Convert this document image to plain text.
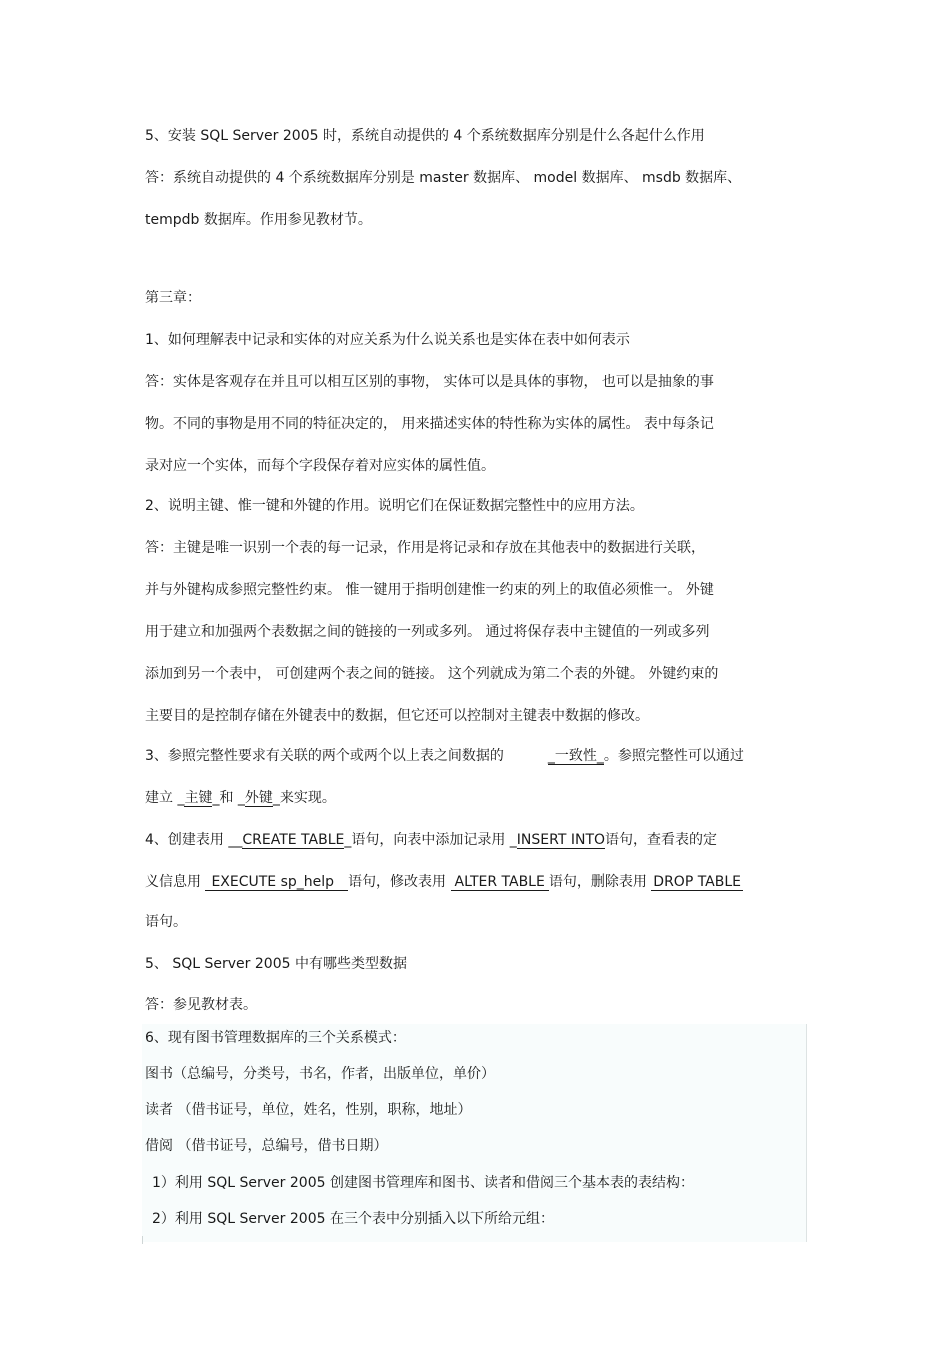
5、安装 SQL Server 2005 时，系统自动提供的 4 个系统数据库分别是什么各起什么作用
答：系统自动提供的 4 个系统数据库分别是 master 数据库、 model 数据库、 msdb 数据库、
tempdb 数据库。作用参见教材节。
第三章：
1、如何理解表中记录和实体的对应关系为什么说关系也是实体在表中如何表示
答：实体是客观存在并且可以相互区别的事物， 实体可以是具体的事物， 也可以是抽象的事
物。不同的事物是用不同的特征决定的， 用来描述实体的特性称为实体的属性。 表中每条记
录对应一个实体，而每个字段保存着对应实体的属性值。
2、说明主键、惟一键和外键的作用。说明它们在保证数据完整性中的应用方法。
答：主键是唯一识别一个表的每一记录，作用是将记录和存放在其他表中的数据进行关联，
并与外键构成参照完整性约束。 惟一键用于指明创建惟一约束的列上的取值必须惟一。 外键
用于建立和加强两个表数据之间的链接的一列或多列。 通过将保存表中主键值的一列或多列
添加到另一个表中， 可创建两个表之间的链接。 这个列就成为第二个表的外键。 外键约束的
主要目的是控制存储在外键表中的数据，但它还可以控制对主键表中数据的修改。
3、参照完整性要求有关联的两个或两个以上表之间数据的	_一致性_。参照完整性可以通过
建立 _主键_和 _外键_来实现。
4、创建表用 __CREATE TABLE_语句，向表中添加记录用 _INSERT INTO语句，查看表的定
义信息用 EXECUTE sp_help 语句，修改表用 ALTER TABLE 语句，删除表用 DROP TABLE
语句。
5、 SQL Server 2005 中有哪些类型数据
答：参见教材表。
6、现有图书管理数据库的三个关系模式：
图书（总编号，分类号，书名，作者，出版单位，单价）
读者 （借书证号，单位，姓名，性别，职称，地址）
借阅 （借书证号，总编号，借书日期）
1）利用 SQL Server 2005 创建图书管理库和图书、读者和借阅三个基本表的表结构：
2）利用 SQL Server 2005 在三个表中分别插入以下所给元组：
